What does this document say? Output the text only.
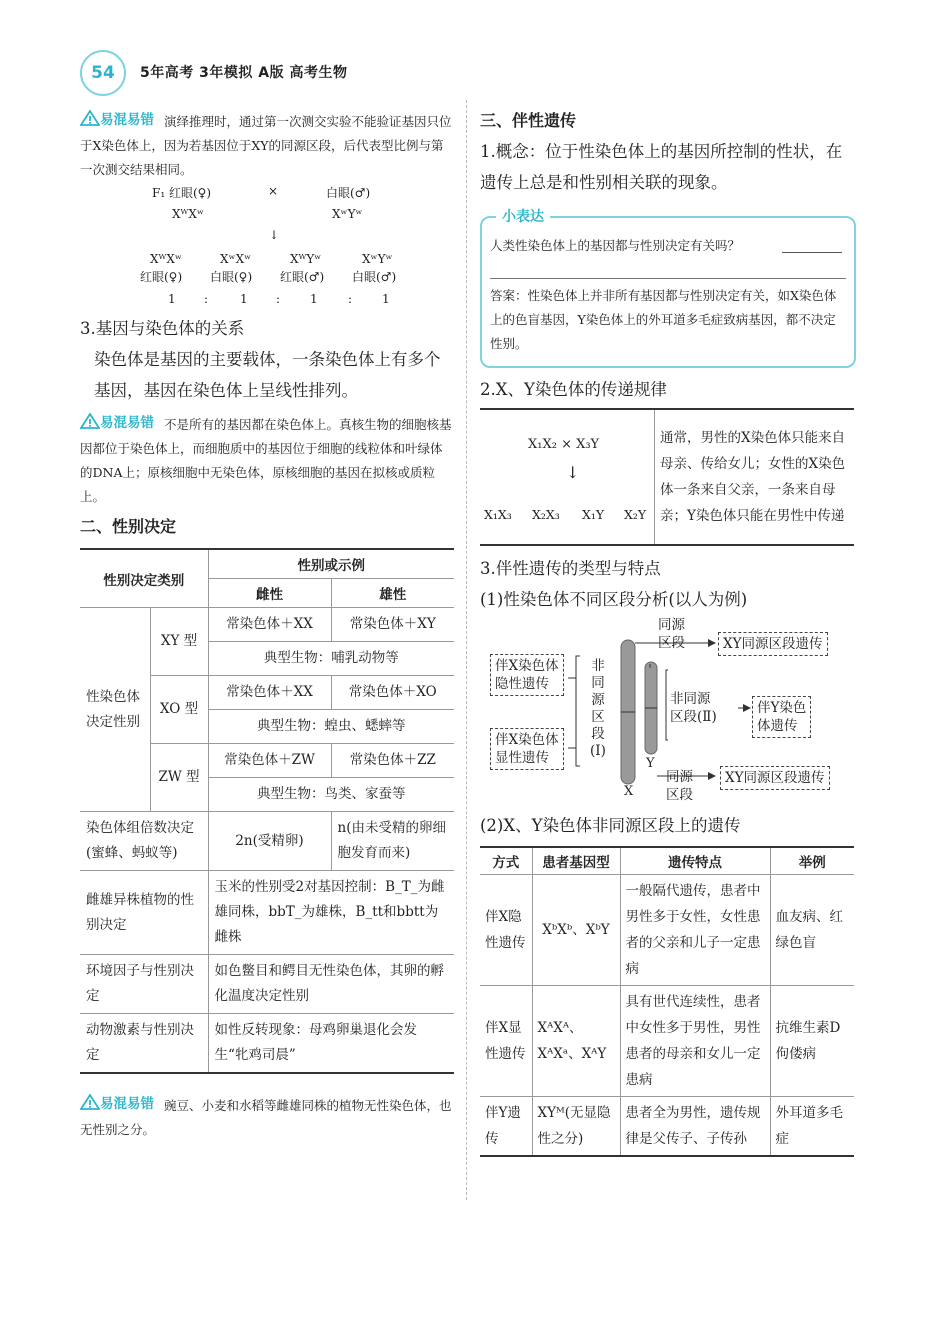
54	5年高考 3年模拟 A版 高考生物
易混易错 演绎推理时，通过第一次测交实验不能验证基因只位于X染色体上，因为若基因位于XY的同源区段，后代表型比例与第一次测交结果相同。
F₁ 红眼(♀)	×	白眼(♂)
XᵂXʷ	XʷYʷ
↓
XᵂXʷ	XʷXʷ	XᵂYʷ	XʷYʷ
红眼(♀) 白眼(♀) 红眼(♂) 白眼(♂)
1 :	1 : 1	: 1
3.基因与染色体的关系
染色体是基因的主要载体，一条染色体上有多个基因，基因在染色体上呈线性排列。
易混易错 不是所有的基因都在染色体上。真核生物的细胞核基因都位于染色体上，而细胞质中的基因位于细胞的线粒体和叶绿体的DNA上；原核细胞中无染色体，原核细胞的基因在拟核或质粒上。
二、性别决定
性别决定类别		性别或示例	
		雌性	雄性
性染色体决定性别	XY 型	常染色体＋XX	常染色体＋XY
		典型生物：哺乳动物等	
	XO 型	常染色体＋XX	常染色体＋XO
		典型生物：蝗虫、蟋蟀等	
	ZW 型	常染色体＋ZW	常染色体＋ZZ
		典型生物：鸟类、家蚕等	
染色体组倍数决定(蜜蜂、蚂蚁等)		2n(受精卵)	n(由未受精的卵细胞发育而来)
雌雄异株植物的性别决定		玉米的性别受2对基因控制：B_T_为雌雄同株，bbT_为雄株，B_tt和bbtt为雌株	
环境因子与性别决定		如色鳖目和鳄目无性染色体，其卵的孵化温度决定性别	
动物激素与性别决定		如性反转现象：母鸡卵巢退化会发生“牝鸡司晨”	
易混易错 豌豆、小麦和水稻等雌雄同株的植物无性染色体，也无性别之分。
三、伴性遗传
1.概念：位于性染色体上的基因所控制的性状，在遗传上总是和性别相关联的现象。
小表达
人类性染色体上的基因都与性别决定有关吗？
答案：性染色体上并非所有基因都与性别决定有关，如X染色体上的色盲基因，Y染色体上的外耳道多毛症致病基因，都不决定性别。
2.X、Y染色体的传递规律
X₁X₂ × X₃Y
↓
X₁X₃ X₂X₃ X₁Y X₂Y
	通常，男性的X染色体只能来自母亲、传给女儿；女性的X染色体一条来自父亲，一条来自母亲；Y染色体只能在男性中传递
3.伴性遗传的类型与特点
(1)性染色体不同区段分析(以人为例)
同源
区段	XY同源区段遗传
伴X染色体
隐性遗传
伴X染色体
显性遗传
非
同
源
区
段
(Ⅰ)
非同源
区段(Ⅱ)
伴Y染色
体遗传
同源
区段
XY同源区段遗传
X
Y
(2)X、Y染色体非同源区段上的遗传
方式	患者基因型	遗传特点	举例
伴X隐性遗传	XᵇXᵇ、XᵇY	一般隔代遗传，患者中男性多于女性，女性患者的父亲和儿子一定患病	血友病、红绿色盲
伴X显性遗传	XᴬXᴬ、XᴬXᵃ、XᴬY	具有世代连续性，患者中女性多于男性，男性患者的母亲和女儿一定患病	抗维生素D佝偻病
伴Y遗传	XYᴹ(无显隐性之分)	患者全为男性，遗传规律是父传子、子传孙	外耳道多毛症
